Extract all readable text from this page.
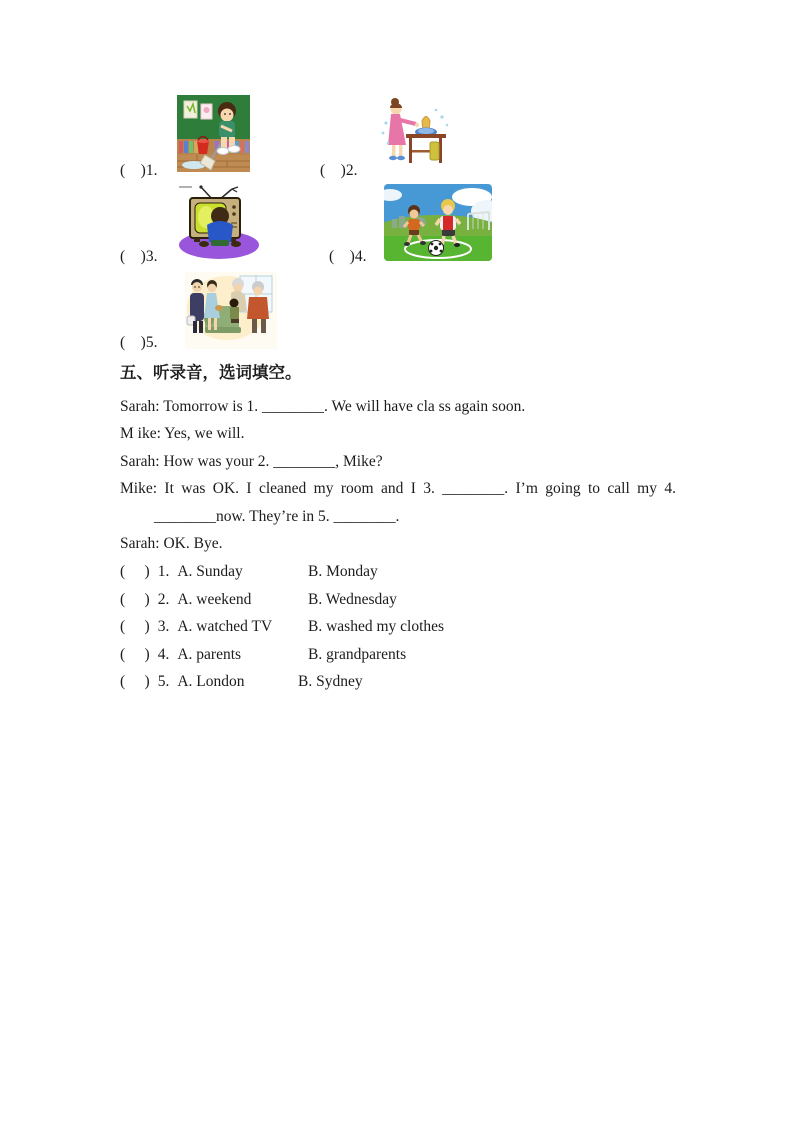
(    )1.	(    )2.
(    )3.	(    )4.
(    )5.
五、听录音，选词填空。
Sarah: Tomorrow is 1. ________. We will have cla ss again soon.
M ike: Yes, we will.
Sarah: How was your 2. ________, Mike?
Mike: It was OK. I cleaned my room and I 3. ________. I’m going to call my 4.
________now. They’re in 5. ________.
Sarah: OK. Bye.
(     ) 1. A. Sunday	B. Monday
(     ) 2. A. weekend	B. Wednesday
(     ) 3. A. watched TV B. washed my clothes
(     ) 4. A. parents	B. grandparents
(     ) 5. A. London	B. Sydney
